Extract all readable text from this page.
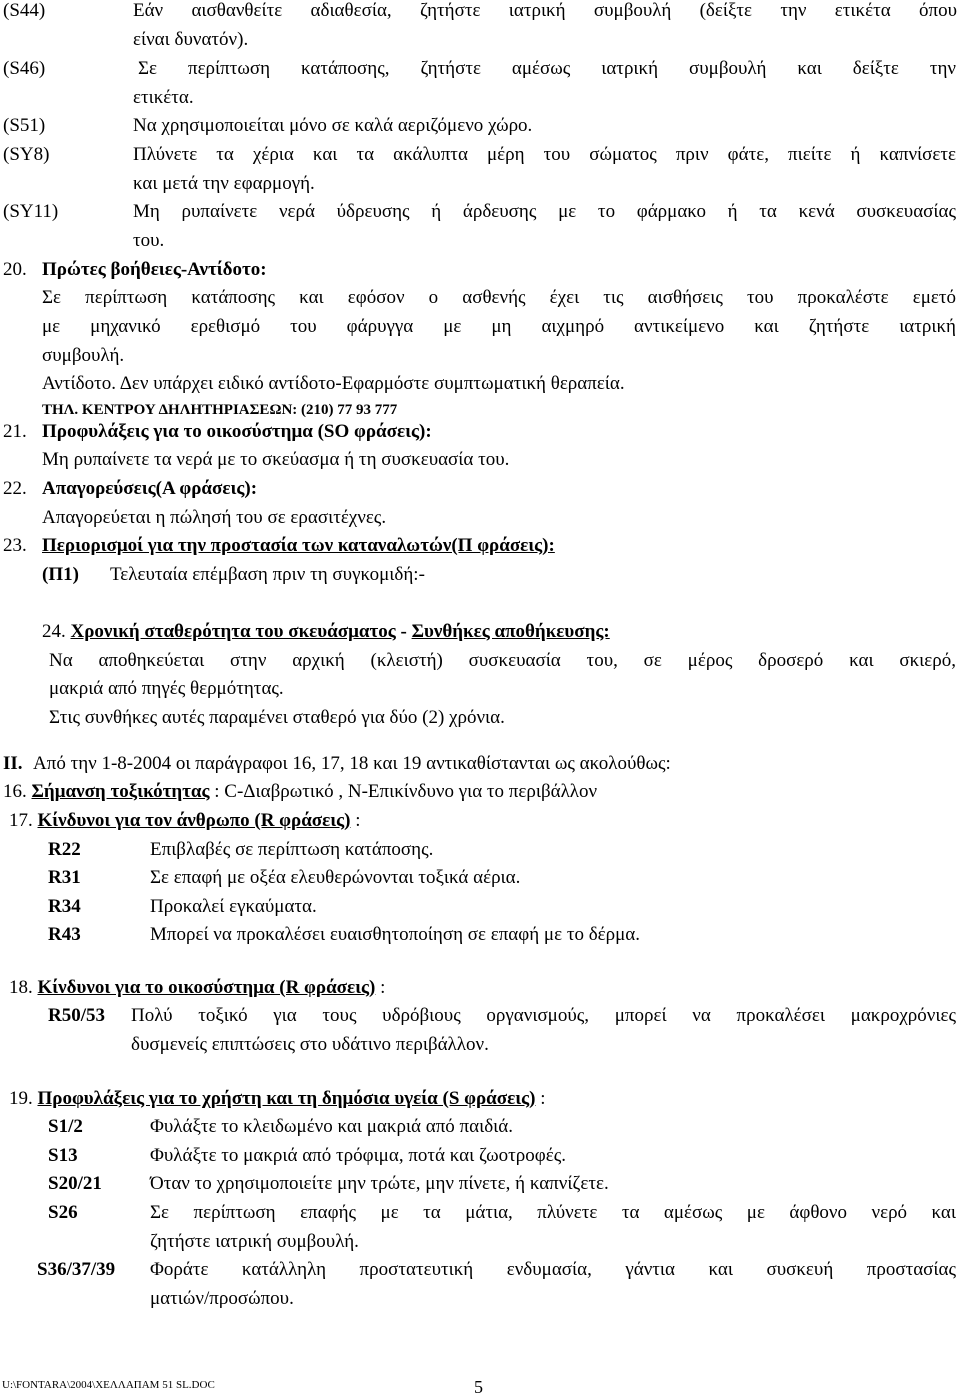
(S44)	Εάν αισθανθείτε αδιαθεσία, ζητήστε ιατρική συμβουλή (δείξτε την ετικέτα όπου
είναι δυνατόν).
(S46)	Σε περίπτωση κατάποσης, ζητήστε αμέσως ιατρική συμβουλή και δείξτε την
ετικέτα.
(S51)	Να χρησιμοποιείται μόνο σε καλά αεριζόμενο χώρο.
(SY8)	Πλύνετε τα χέρια και τα ακάλυπτα μέρη του σώματος πριν φάτε, πιείτε ή καπνίσετε
και μετά την εφαρμογή.
(SY11)	Μη ρυπαίνετε νερά ύδρευσης ή άρδευσης με το φάρμακο ή τα κενά συσκευασίας
του.
20. Πρώτες βοήθειες-Αντίδοτο:
Σε περίπτωση κατάποσης και εφόσον ο ασθενής έχει τις αισθήσεις του προκαλέστε εμετό
με μηχανικό ερεθισμό του φάρυγγα με μη αιχμηρό αντικείμενο και ζητήστε ιατρική
συμβουλή.
Αντίδοτο. Δεν υπάρχει ειδικό αντίδοτο-Εφαρμόστε συμπτωματική θεραπεία.
ΤΗΛ. ΚΕΝΤΡΟΥ ΔΗΛΗΤΗΡΙΑΣΕΩΝ: (210) 77 93 777
21. Προφυλάξεις για το οικοσύστημα (SO φράσεις):
Μη ρυπαίνετε τα νερά με το σκεύασμα ή τη συσκευασία του.
22. Απαγορεύσεις(Α φράσεις):
Απαγορεύεται η πώλησή του σε ερασιτέχνες.
23. Περιορισμοί για την προστασία των καταναλωτών(Π φράσεις):
(Π1) Τελευταία επέμβαση πριν τη συγκομιδή:-
24. Χρονική σταθερότητα του σκευάσματος - Συνθήκες αποθήκευσης:
Να αποθηκεύεται στην αρχική (κλειστή) συσκευασία του, σε μέρος δροσερό και σκιερό,
μακριά από πηγές θερμότητας.
Στις συνθήκες αυτές παραμένει σταθερό για δύο (2) χρόνια.
ΙΙ. Από την 1-8-2004 οι παράγραφοι 16, 17, 18 και 19 αντικαθίστανται ως ακολούθως:
16. Σήμανση τοξικότητας : C-Διαβρωτικό , Ν-Επικίνδυνο για το περιβάλλον
17. Κίνδυνοι για τον άνθρωπο (R φράσεις) :
R22	Επιβλαβές σε περίπτωση κατάποσης.
R31	Σε επαφή με οξέα ελευθερώνονται τοξικά αέρια.
R34	Προκαλεί εγκαύματα.
R43	Μπορεί να προκαλέσει ευαισθητοποίηση σε επαφή με το δέρμα.
18. Κίνδυνοι για το οικοσύστημα (R φράσεις) :
R50/53 Πολύ τοξικό για τους υδρόβιους οργανισμούς, μπορεί να προκαλέσει μακροχρόνιες
δυσμενείς επιπτώσεις στο υδάτινο περιβάλλον.
19. Προφυλάξεις για το χρήστη και τη δημόσια υγεία (S φράσεις) :
S1/2	Φυλάξτε το κλειδωμένο και μακριά από παιδιά.
S13	Φυλάξτε το μακριά από τρόφιμα, ποτά και ζωοτροφές.
S20/21	Όταν το χρησιμοποιείτε μην τρώτε, μην πίνετε, ή καπνίζετε.
S26	Σε περίπτωση επαφής με τα μάτια, πλύνετε τα αμέσως με άφθονο νερό και
ζητήστε ιατρική συμβουλή.
S36/37/39 Φοράτε κατάλληλη προστατευτική ενδυμασία, γάντια και συσκευή προστασίας
ματιών/προσώπου.
U:\FONTARA\2004\ΧΕΛΛΑΠΑΜ 51 SL.DOC	5
